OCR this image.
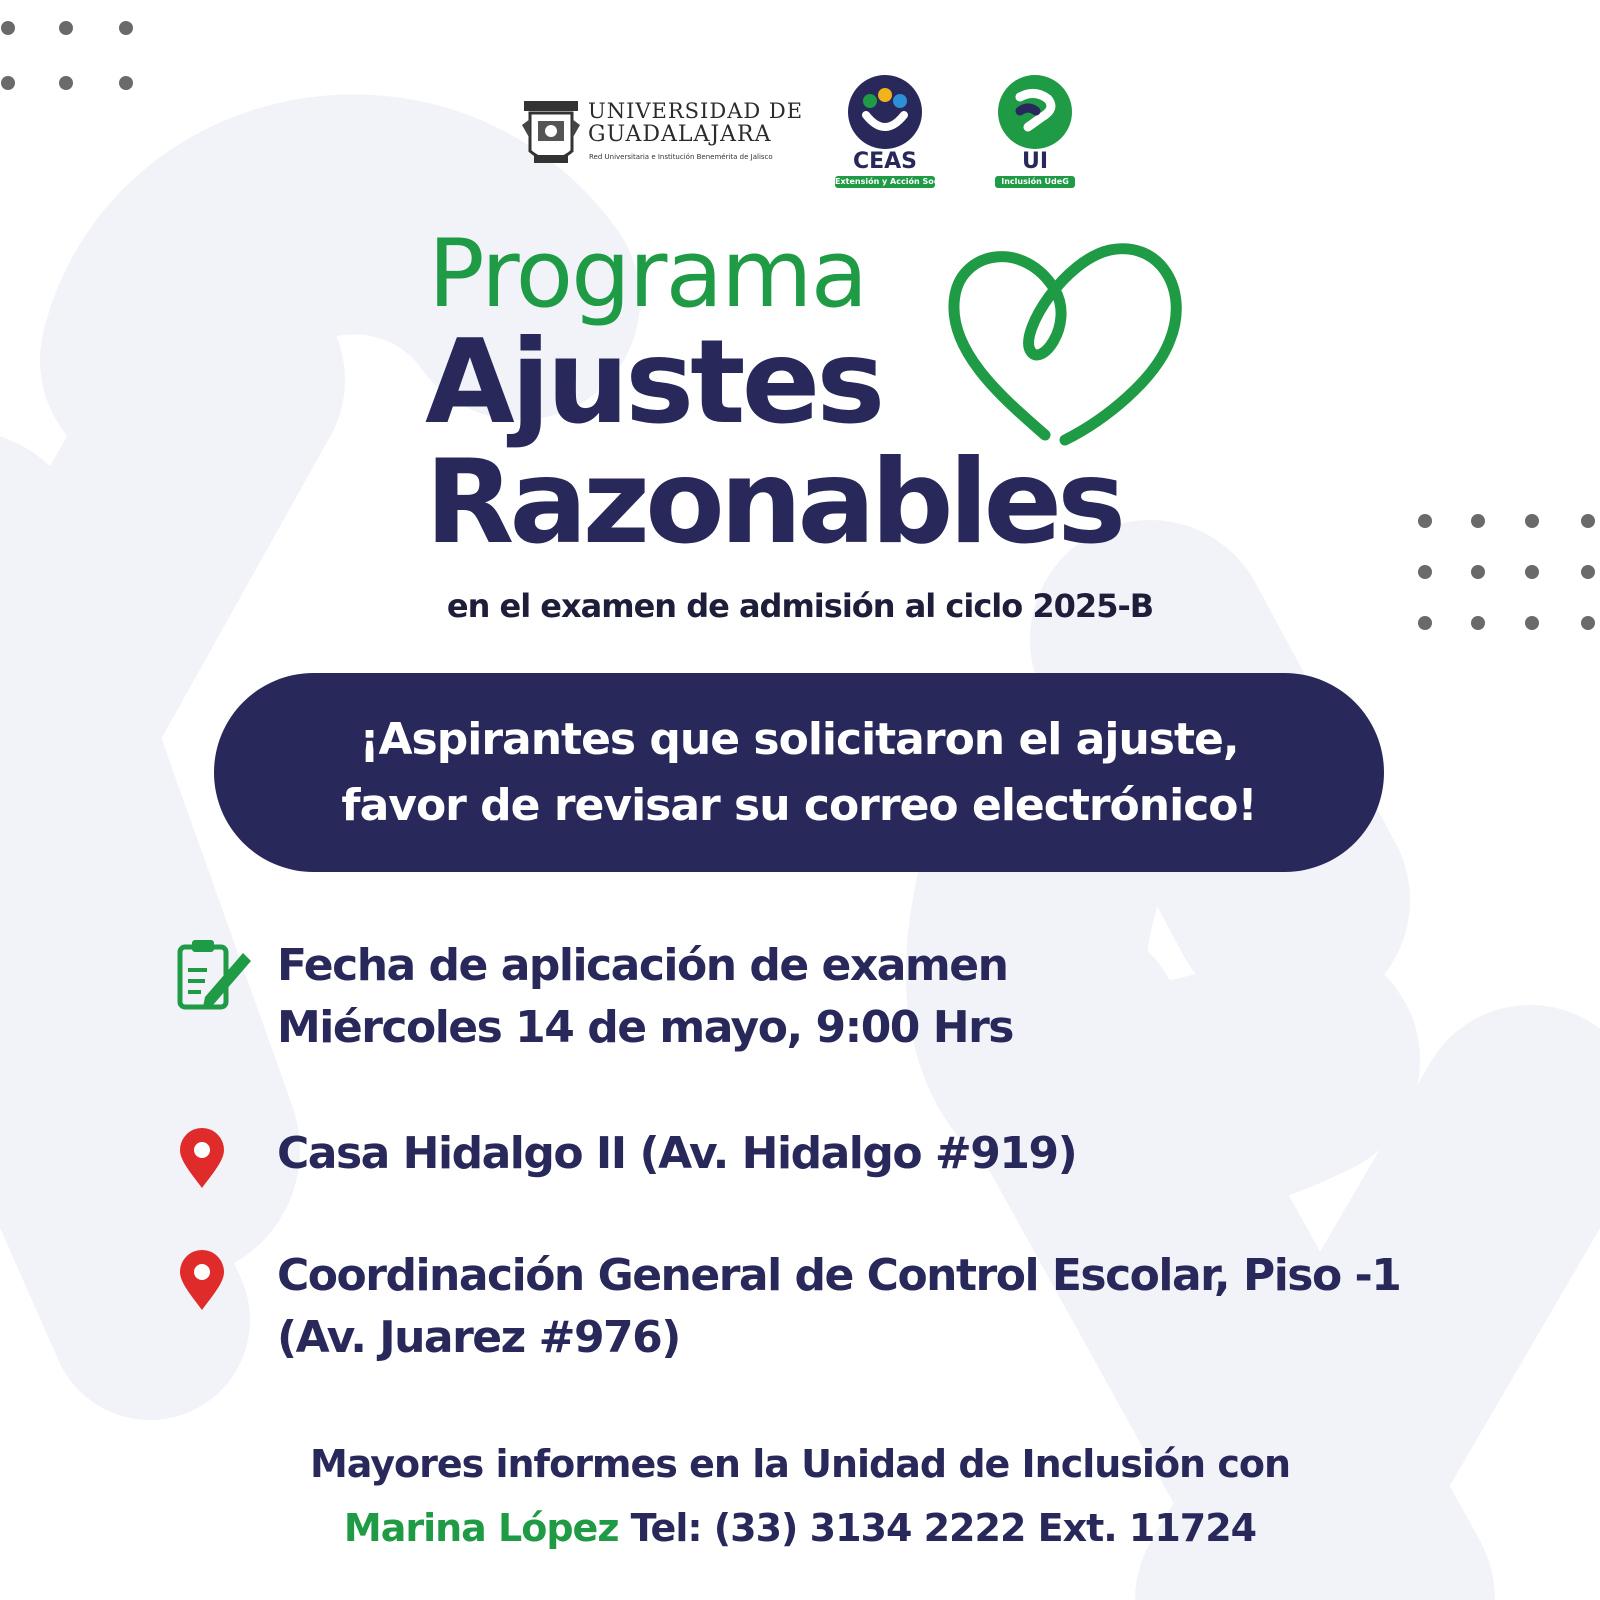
UNIVERSIDAD DE
GUADALAJARA
Red Universitaria e Institución Benemérita de Jalisco	CEAS
Extensión y Acción Social UdeG
UI
Inclusión UdeG
Programa
Ajustes
Razonables
en el examen de admisión al ciclo 2025-B
¡Aspirantes que solicitaron el ajuste,
favor de revisar su correo electrónico!
Fecha de aplicación de examen
Miércoles 14 de mayo, 9:00 Hrs
Casa Hidalgo II (Av. Hidalgo #919)
Coordinación General de Control Escolar, Piso -1
(Av. Juarez #976)
Mayores informes en la Unidad de Inclusión con
Marina López Tel: (33) 3134 2222 Ext. 11724
